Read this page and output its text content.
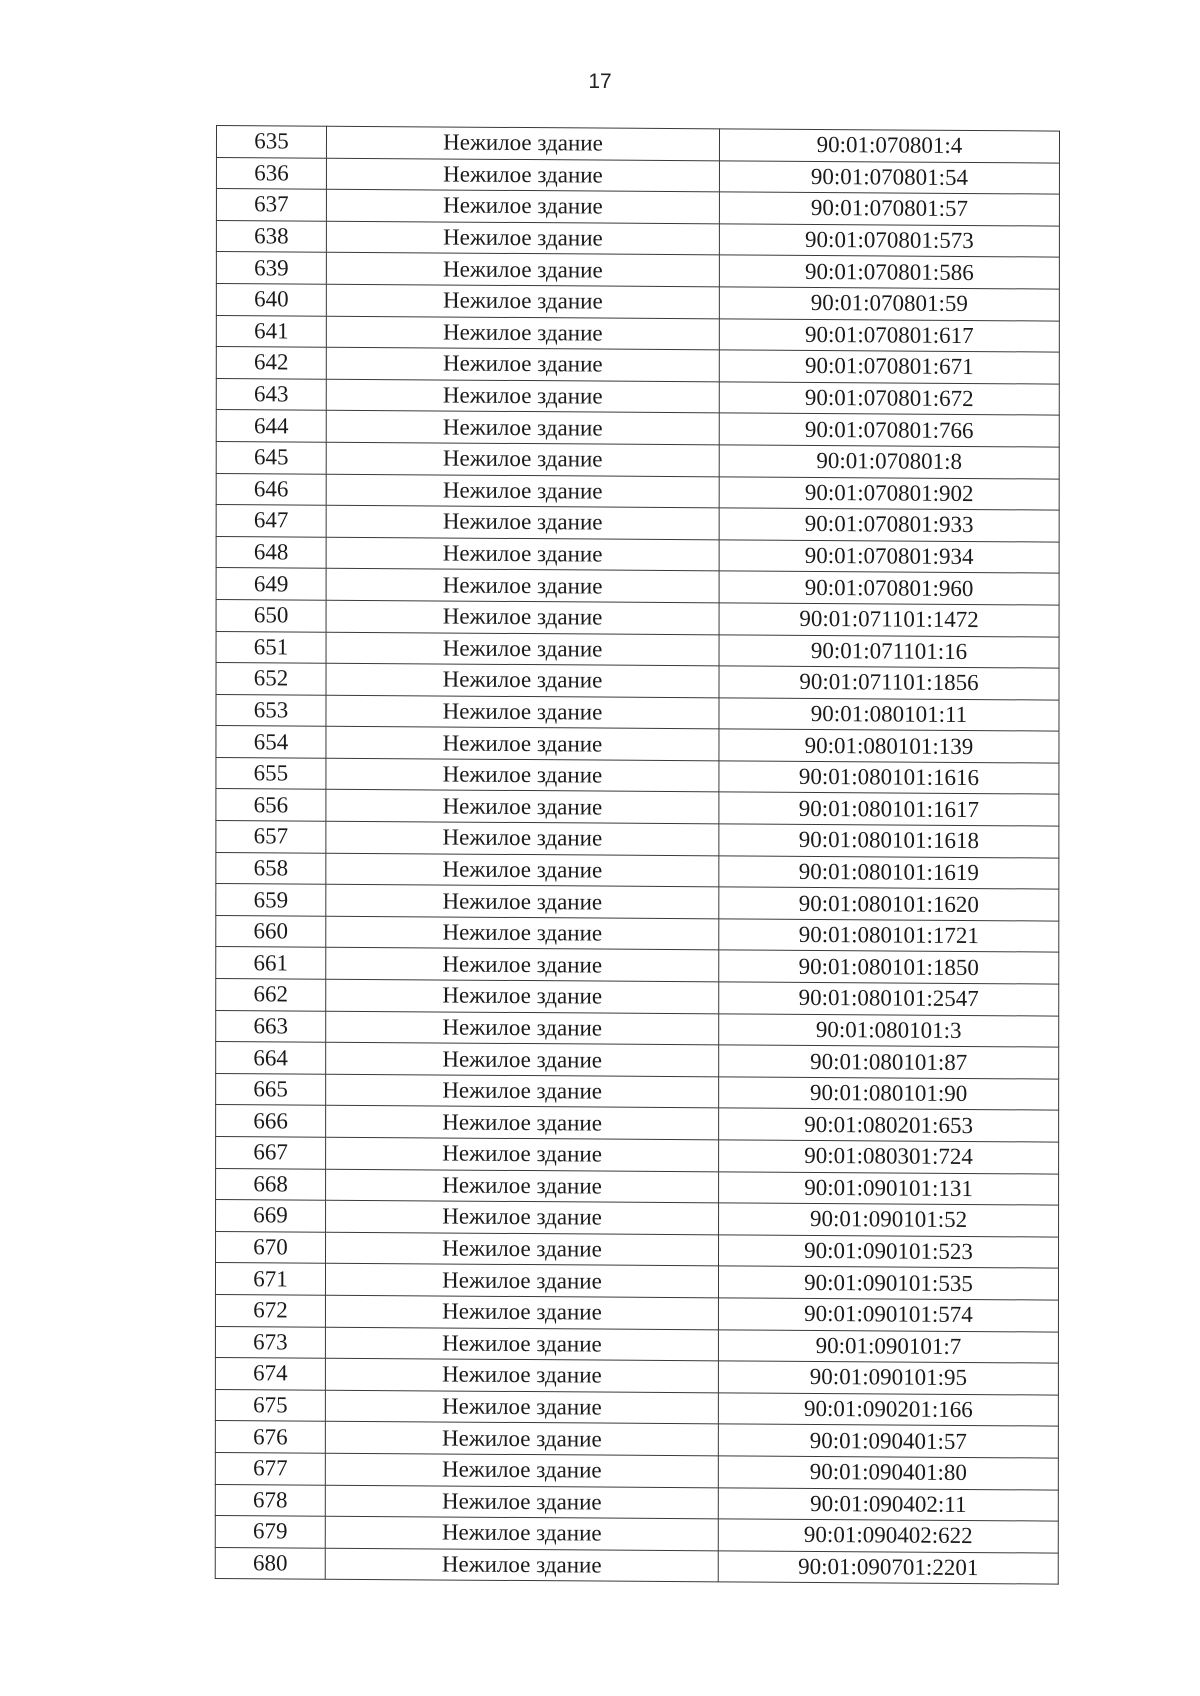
17
635	Нежилое здание	90:01:070801:4
636	Нежилое здание	90:01:070801:54
637	Нежилое здание	90:01:070801:57
638	Нежилое здание	90:01:070801:573
639	Нежилое здание	90:01:070801:586
640	Нежилое здание	90:01:070801:59
641	Нежилое здание	90:01:070801:617
642	Нежилое здание	90:01:070801:671
643	Нежилое здание	90:01:070801:672
644	Нежилое здание	90:01:070801:766
645	Нежилое здание	90:01:070801:8
646	Нежилое здание	90:01:070801:902
647	Нежилое здание	90:01:070801:933
648	Нежилое здание	90:01:070801:934
649	Нежилое здание	90:01:070801:960
650	Нежилое здание	90:01:071101:1472
651	Нежилое здание	90:01:071101:16
652	Нежилое здание	90:01:071101:1856
653	Нежилое здание	90:01:080101:11
654	Нежилое здание	90:01:080101:139
655	Нежилое здание	90:01:080101:1616
656	Нежилое здание	90:01:080101:1617
657	Нежилое здание	90:01:080101:1618
658	Нежилое здание	90:01:080101:1619
659	Нежилое здание	90:01:080101:1620
660	Нежилое здание	90:01:080101:1721
661	Нежилое здание	90:01:080101:1850
662	Нежилое здание	90:01:080101:2547
663	Нежилое здание	90:01:080101:3
664	Нежилое здание	90:01:080101:87
665	Нежилое здание	90:01:080101:90
666	Нежилое здание	90:01:080201:653
667	Нежилое здание	90:01:080301:724
668	Нежилое здание	90:01:090101:131
669	Нежилое здание	90:01:090101:52
670	Нежилое здание	90:01:090101:523
671	Нежилое здание	90:01:090101:535
672	Нежилое здание	90:01:090101:574
673	Нежилое здание	90:01:090101:7
674	Нежилое здание	90:01:090101:95
675	Нежилое здание	90:01:090201:166
676	Нежилое здание	90:01:090401:57
677	Нежилое здание	90:01:090401:80
678	Нежилое здание	90:01:090402:11
679	Нежилое здание	90:01:090402:622
680	Нежилое здание	90:01:090701:2201
